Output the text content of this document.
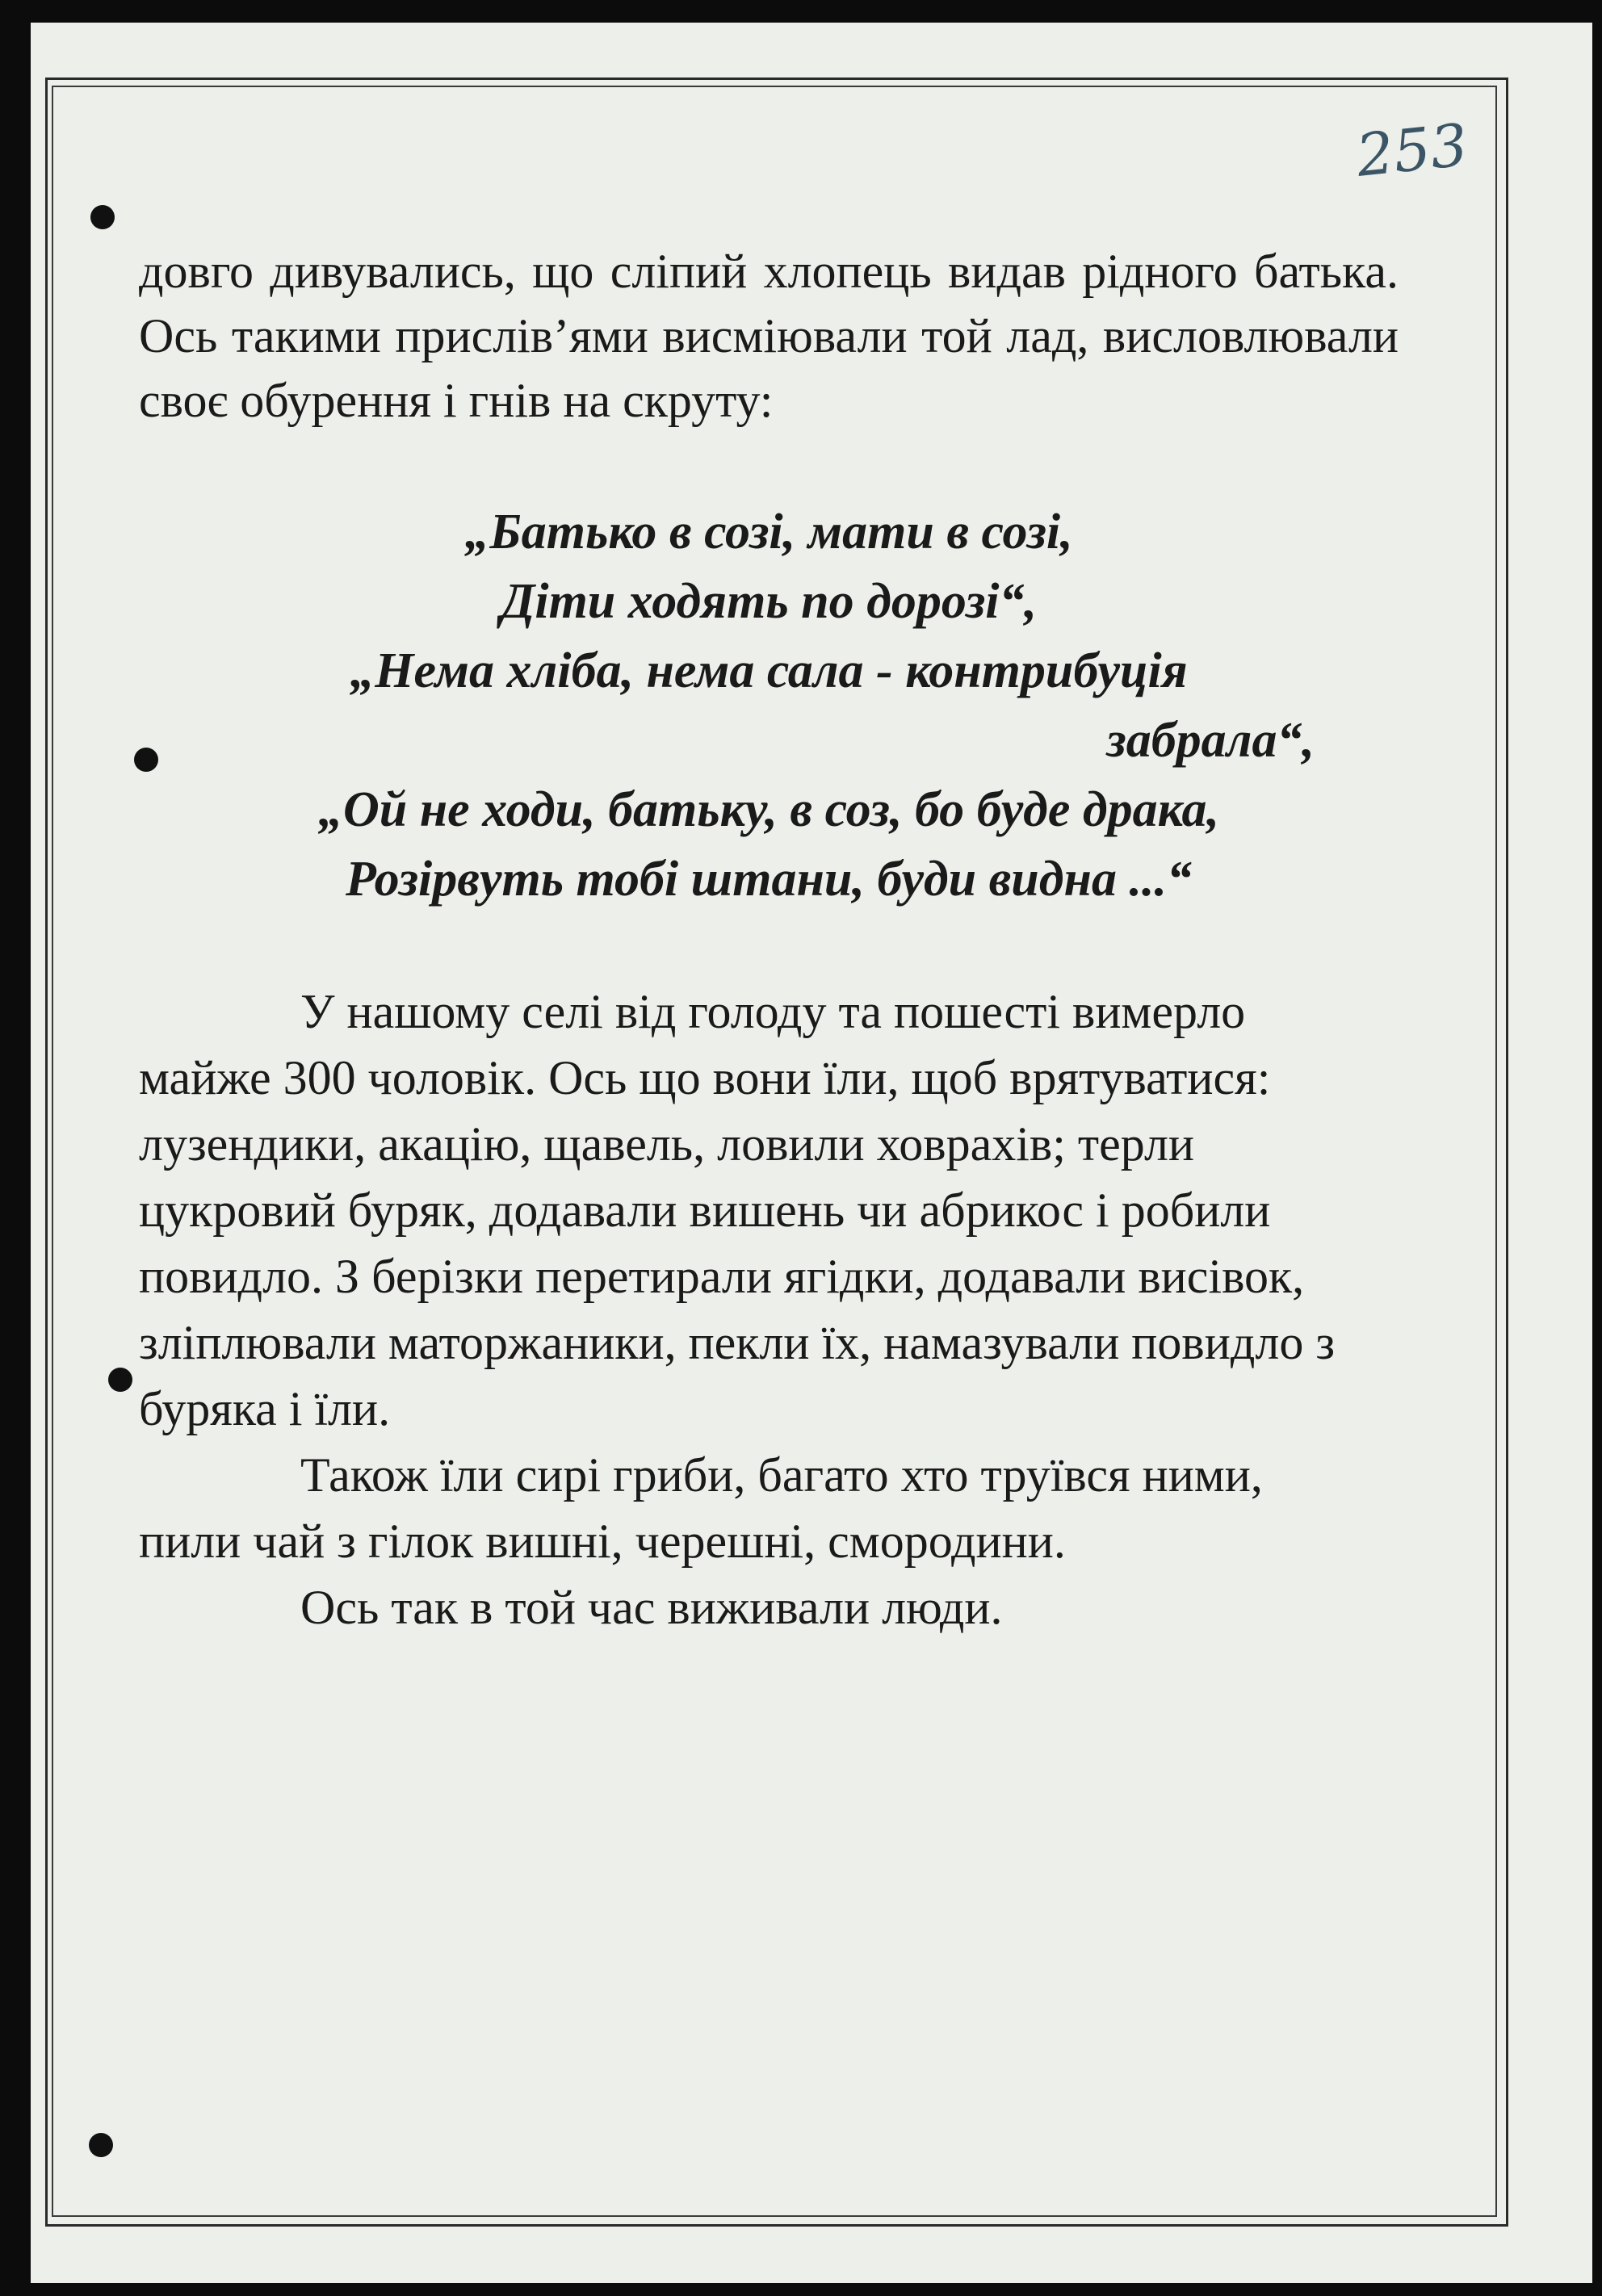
253

довго дивувались, що сліпий хлопець видав рідного батька. Ось такими прислів’ями висміювали той лад, висловлювали своє обурення і гнів на скруту:

„Батько в созі, мати в созі,
Діти ходять по дорозі“,
„Нема хліба, нема сала - контрибуція
забрала“,
„Ой не ходи, батьку, в соз, бо буде драка,
Розірвуть тобі штани, буди видна ...“

У нашому селі від голоду та пошесті вимерло майже 300 чоловік. Ось що вони їли, щоб врятуватися: лузендики, акацію, щавель, ловили ховрахів; терли цукровий буряк, додавали вишень чи абрикос і робили повидло. З берізки перетирали ягідки, додавали висівок, зліплювали маторжаники, пекли їх, намазували повидло з буряка і їли.

Також їли сирі гриби, багато хто труївся ними, пили чай з гілок вишні, черешні, смородини.

Ось так в той час виживали люди.
